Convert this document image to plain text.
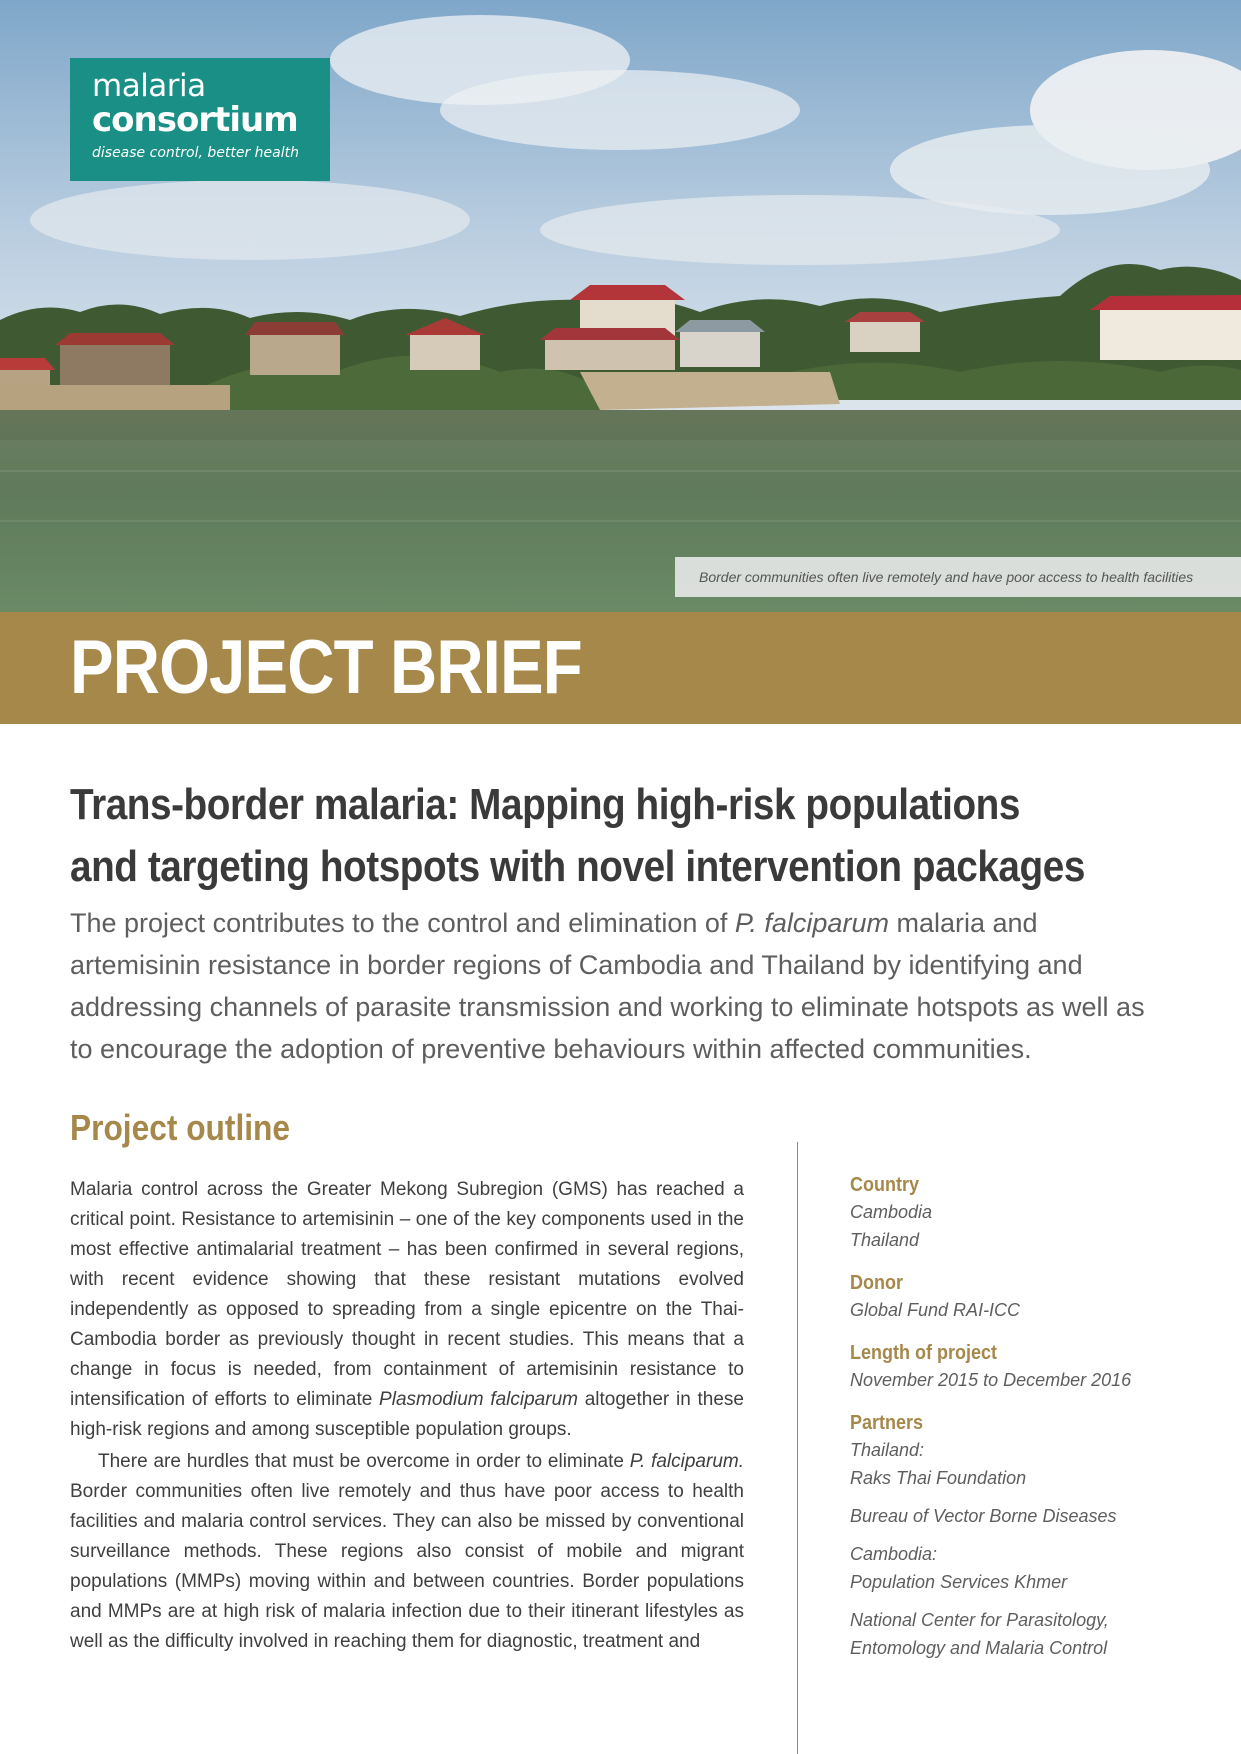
malaria
consortium
disease control, better health
Border communities often live remotely and have poor access to health facilities
PROJECT BRIEF
Trans-border malaria: Mapping high-risk populations
and targeting hotspots with novel intervention packages

The project contributes to the control and elimination of P. falciparum malaria and artemisinin resistance in border regions of Cambodia and Thailand by identifying and addressing channels of parasite transmission and working to eliminate hotspots as well as to encourage the adoption of preventive behaviours within affected communities.

Project outline

Malaria control across the Greater Mekong Subregion (GMS) has reached a critical point. Resistance to artemisinin – one of the key components used in the most effective antimalarial treatment – has been confirmed in several regions, with recent evidence showing that these resistant mutations evolved independently as opposed to spreading from a single epicentre on the Thai-Cambodia border as previously thought in recent studies. This means that a change in focus is needed, from containment of artemisinin resistance to intensification of efforts to eliminate Plasmodium falciparum altogether in these high-risk regions and among susceptible population groups.

There are hurdles that must be overcome in order to eliminate P. falciparum. Border communities often live remotely and thus have poor access to health facilities and malaria control services. They can also be missed by conventional surveillance methods. These regions also consist of mobile and migrant populations (MMPs) moving within and between countries. Border populations and MMPs are at high risk of malaria infection due to their itinerant lifestyles as well as the difficulty involved in reaching them for diagnostic, treatment and

Country
Cambodia
Thailand
Donor
Global Fund RAI-ICC
Length of project
November 2015 to December 2016
Partners
Thailand:
Raks Thai Foundation
Bureau of Vector Borne Diseases
Cambodia:
Population Services Khmer
National Center for Parasitology,
Entomology and Malaria Control
